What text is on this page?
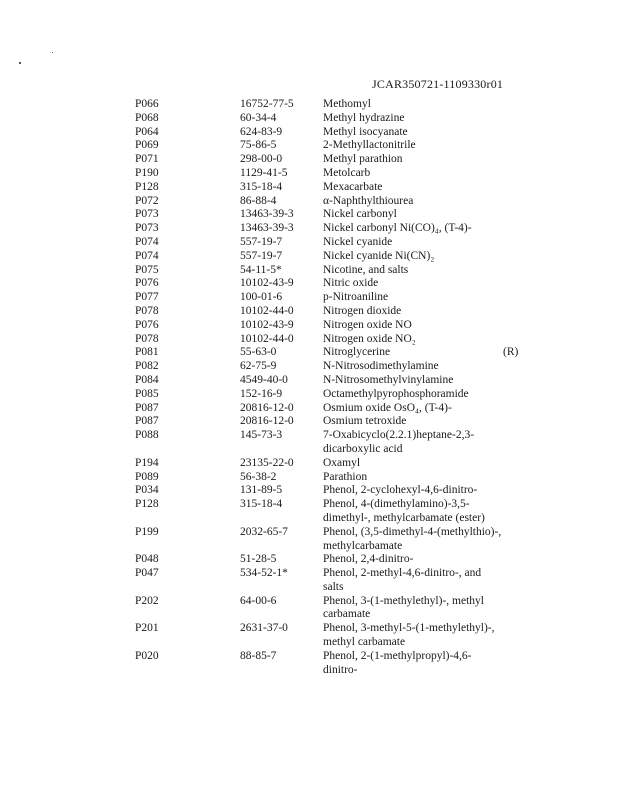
JCAR350721-1109330r01
P066	16752-77-5	Methomyl
P068	60-34-4	Methyl hydrazine
P064	624-83-9	Methyl isocyanate
P069	75-86-5	2-Methyllactonitrile
P071	298-00-0	Methyl parathion
P190	1129-41-5	Metolcarb
P128	315-18-4	Mexacarbate
P072	86-88-4	α-Naphthylthiourea
P073	13463-39-3	Nickel carbonyl
P073	13463-39-3	Nickel carbonyl Ni(CO)₄, (T-4)-
P074	557-19-7	Nickel cyanide
P074	557-19-7	Nickel cyanide Ni(CN)₂
P075	54-11-5*	Nicotine, and salts
P076	10102-43-9	Nitric oxide
P077	100-01-6	p-Nitroaniline
P078	10102-44-0	Nitrogen dioxide
P076	10102-43-9	Nitrogen oxide NO
P078	10102-44-0	Nitrogen oxide NO₂
P081	55-63-0	Nitroglycerine	(R)
P082	62-75-9	N-Nitrosodimethylamine
P084	4549-40-0	N-Nitrosomethylvinylamine
P085	152-16-9	Octamethylpyrophosphoramide
P087	20816-12-0	Osmium oxide OsO₄, (T-4)-
P087	20816-12-0	Osmium tetroxide
P088	145-73-3	7-Oxabicyclo(2.2.1)heptane-2,3-dicarboxylic acid
P194	23135-22-0	Oxamyl
P089	56-38-2	Parathion
P034	131-89-5	Phenol, 2-cyclohexyl-4,6-dinitro-
P128	315-18-4	Phenol, 4-(dimethylamino)-3,5-dimethyl-, methylcarbamate (ester)
P199	2032-65-7	Phenol, (3,5-dimethyl-4-(methylthio)-, methylcarbamate
P048	51-28-5	Phenol, 2,4-dinitro-
P047	534-52-1*	Phenol, 2-methyl-4,6-dinitro-, and salts
P202	64-00-6	Phenol, 3-(1-methylethyl)-, methyl carbamate
P201	2631-37-0	Phenol, 3-methyl-5-(1-methylethyl)-, methyl carbamate
P020	88-85-7	Phenol, 2-(1-methylpropyl)-4,6-dinitro-
